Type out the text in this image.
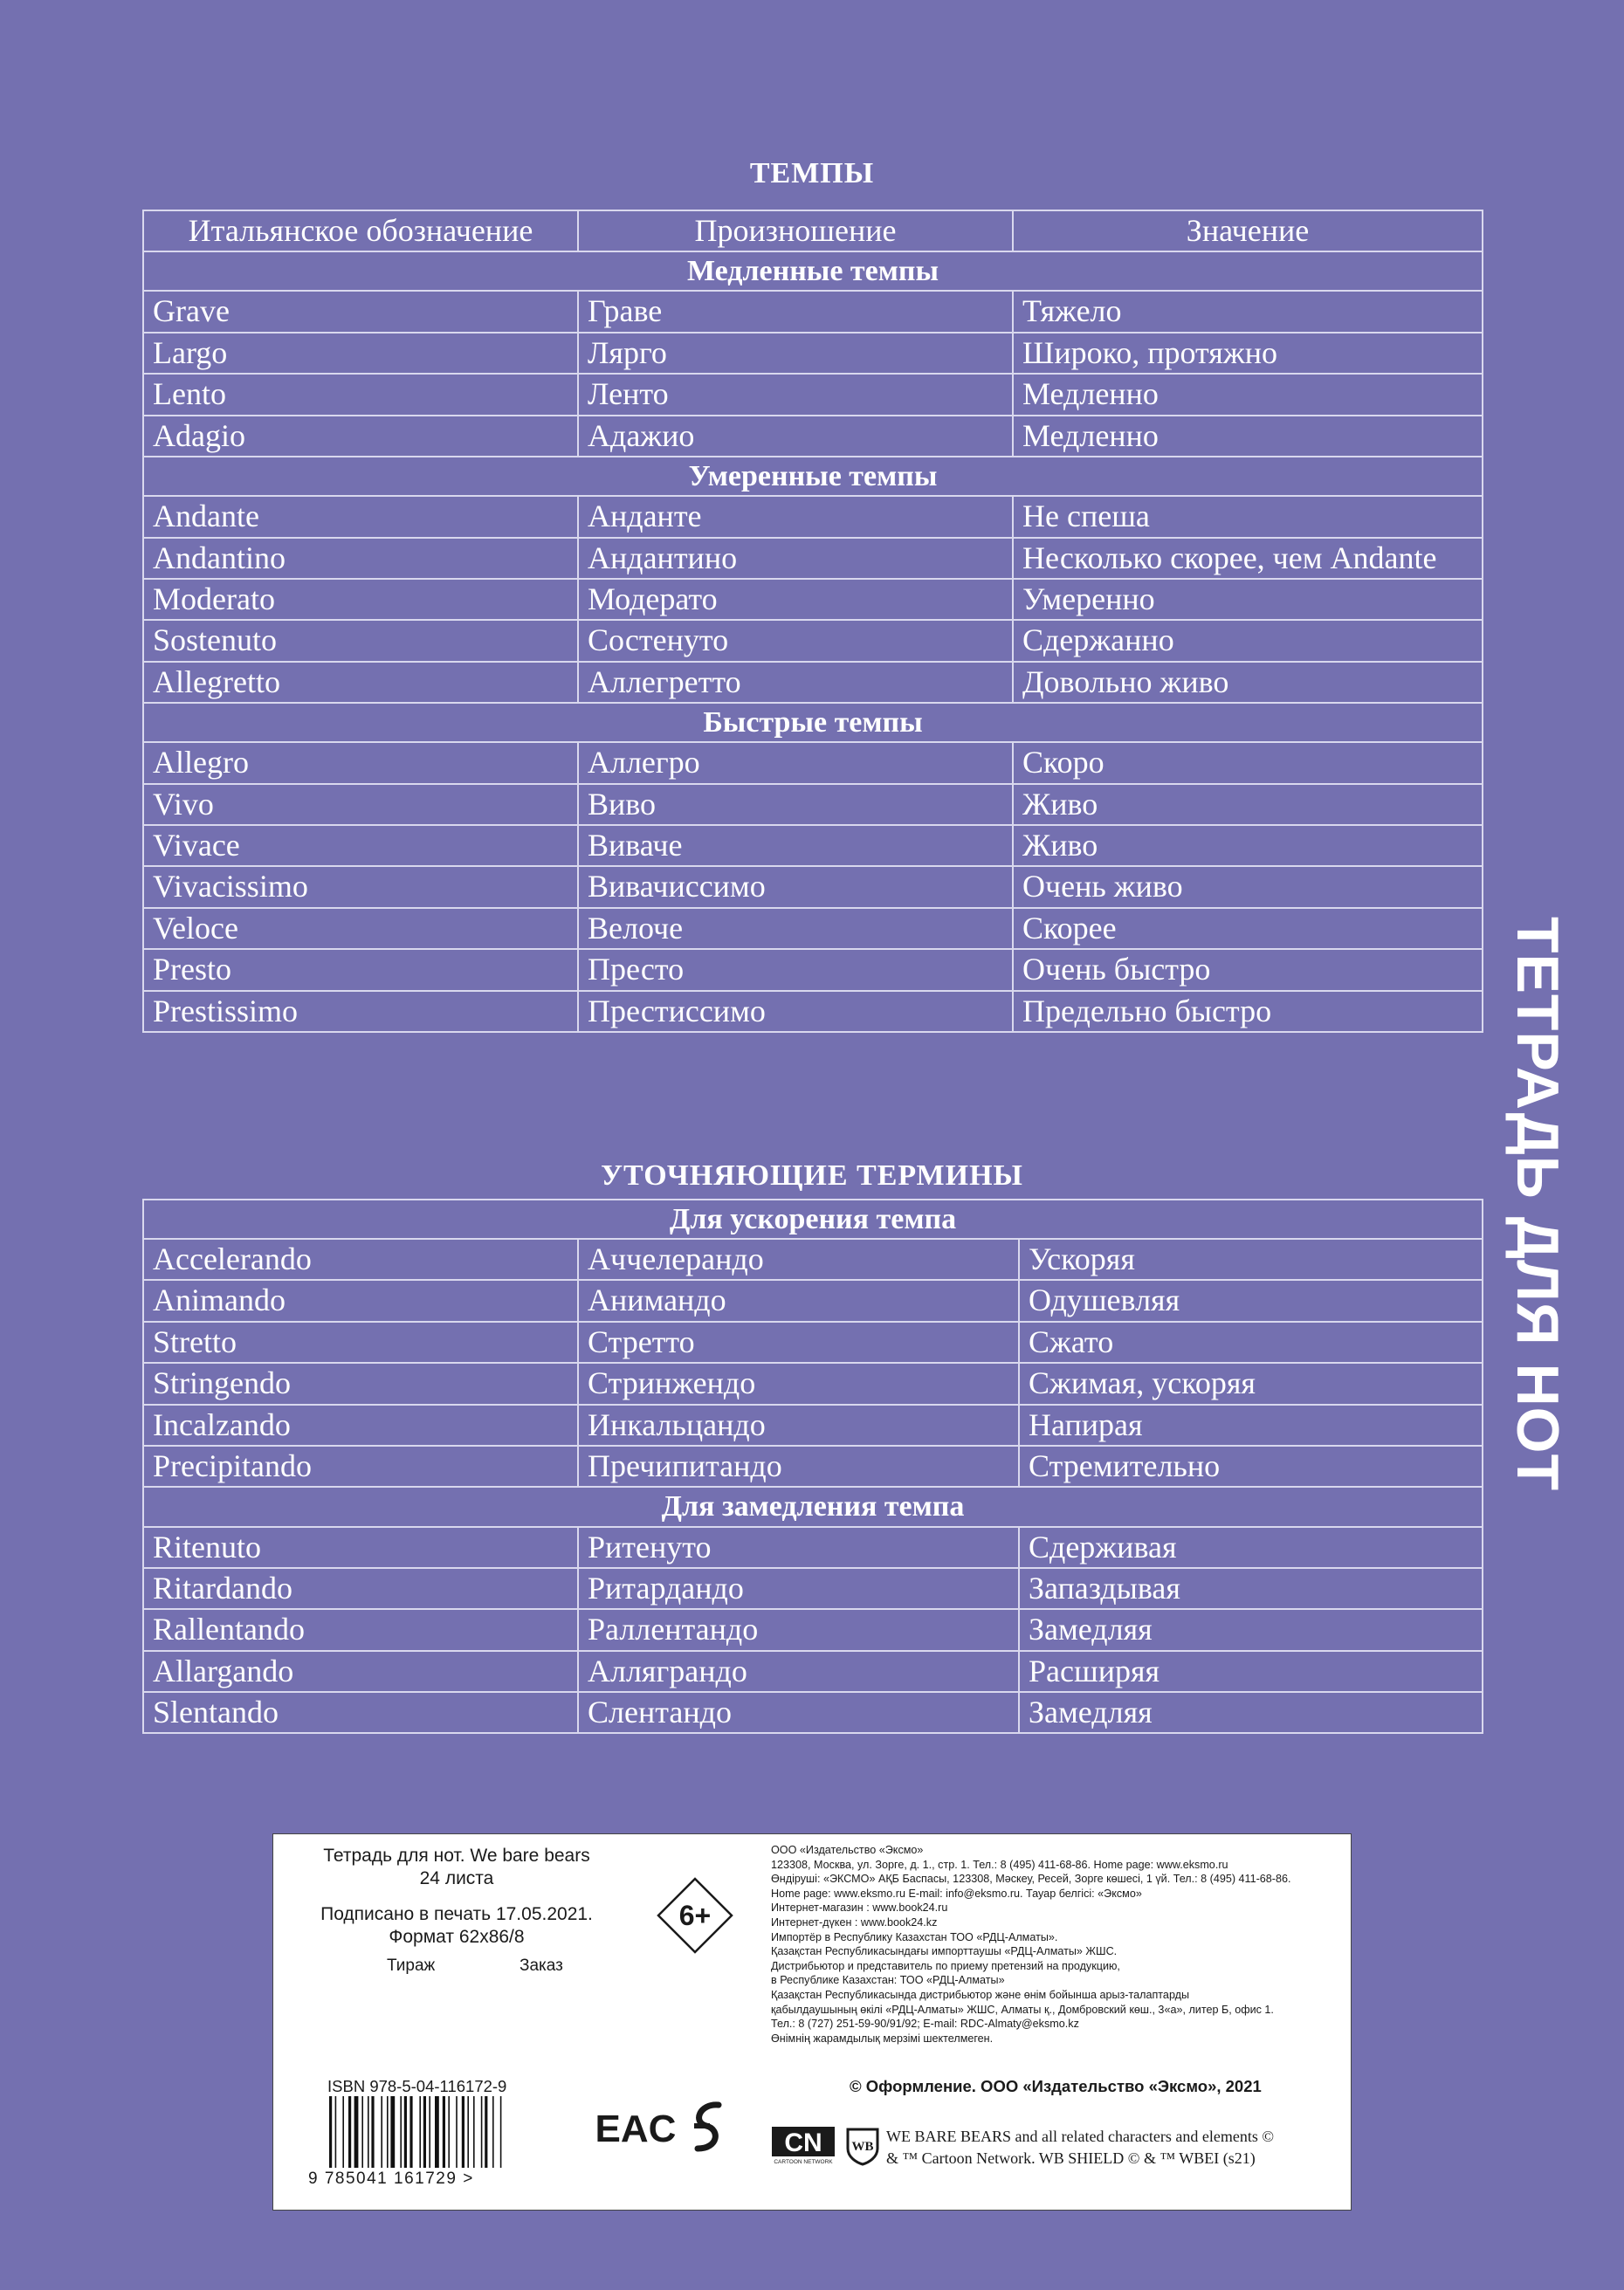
ТЕМПЫ
Итальянское обозначение	Произношение	Значение
Медленные темпы		
Grave	Граве	Тяжело
Largo	Лярго	Широко, протяжно
Lento	Ленто	Медленно
Adagio	Адажио	Медленно
Умеренные темпы		
Andante	Анданте	Не спеша
Andantino	Андантино	Несколько скорее, чем Andante
Moderato	Модерато	Умеренно
Sostenuto	Состенуто	Сдержанно
Allegretto	Аллегретто	Довольно живо
Быстрые темпы		
Allegro	Аллегро	Скоро
Vivo	Виво	Живо
Vivace	Виваче	Живо
Vivacissimo	Вивачиссимо	Очень живо
Veloce	Велоче	Скорее
Presto	Престо	Очень быстро
Prestissimo	Престиссимо	Предельно быстро
УТОЧНЯЮЩИЕ ТЕРМИНЫ
Для ускорения темпа		
Accelerando	Аччелерандо	Ускоряя
Animando	Анимандо	Одушевляя
Stretto	Стретто	Сжато
Stringendo	Стринжендо	Сжимая, ускоряя
Incalzando	Инкальцандо	Напирая
Precipitando	Пречипитандо	Стремительно
Для замедления темпа		
Ritenuto	Ритенуто	Сдерживая
Ritardando	Ритардандо	Запаздывая
Rallentando	Раллентандо	Замедляя
Allargando	Аллягрaндо	Расширяя
Slentando	Слентандо	Замедляя
ТЕТРАДЬ ДЛЯ НОТ
Тетрадь для нот. We bare bears
24 листа
Подписано в печать 17.05.2021.
Формат 62х86/8
Тираж	Заказ
6+
ООО «Издательство «Эксмо»
123308, Москва, ул. Зорге, д. 1., стр. 1. Тел.: 8 (495) 411-68-86. Home page: www.eksmo.ru
Өндіруші: «ЭКСМО» АҚБ Баспасы, 123308, Мәскеу, Ресей, Зорге көшесі, 1 үй. Тел.: 8 (495) 411-68-86.
Home page: www.eksmo.ru E-mail: info@eksmo.ru. Тауар белгісі: «Эксмо»
Интернет-магазин : www.book24.ru
Интернет-дүкен : www.book24.kz
Импортёр в Республику Казахстан ТОО «РДЦ-Алматы».
Қазақстан Республикасындағы импорттаушы «РДЦ-Алматы» ЖШС.
Дистрибьютор и представитель по приему претензий на продукцию,
в Республике Казахстан: ТОО «РДЦ-Алматы»
Қазақстан Республикасында дистрибьютор және өнім бойынша арыз-талаптарды
қабылдаушының өкілі «РДЦ-Алматы» ЖШС, Алматы қ., Домбровский көш., 3«а», литер Б, офис 1.
Тел.: 8 (727) 251-59-90/91/92; E-mail: RDC-Almaty@eksmo.kz
Өнімнің жарамдылық мерзімі шектелмеген.
© Оформление. ООО «Издательство «Эксмо», 2021
ISBN 978-5-04-116172-9
9 785041 161729 >
EAC	CN
CARTOON NETWORK
WB
WE BARE BEARS and all related characters and elements ©
& ™ Cartoon Network. WB SHIELD © & ™ WBEI (s21)
